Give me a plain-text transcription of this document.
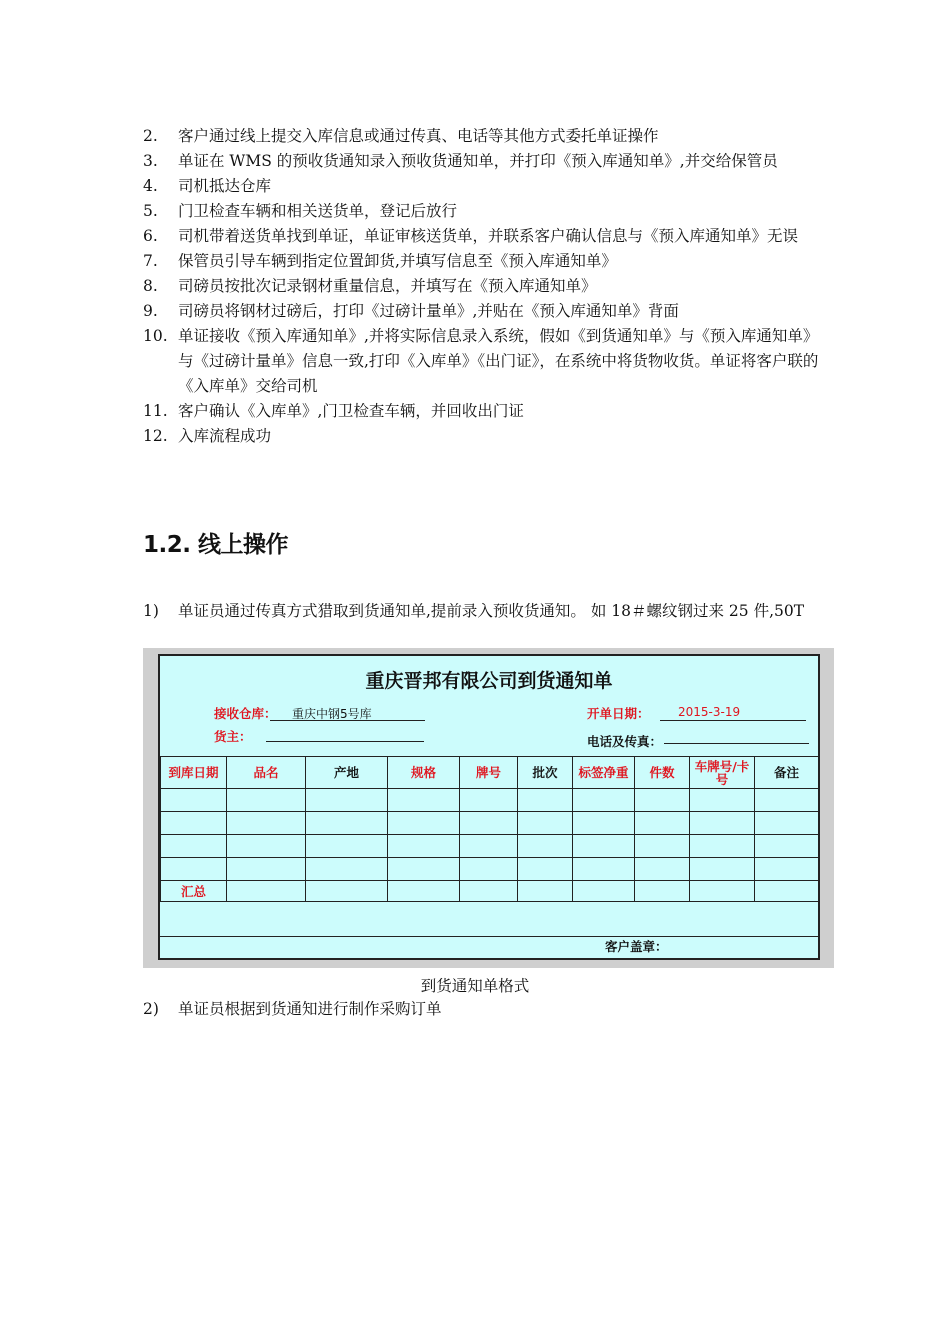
2.	客户通过线上提交入库信息或通过传真、电话等其他方式委托单证操作
3.	单证在 WMS 的预收货通知录入预收货通知单，并打印《预入库通知单》,并交给保管员
4.	司机抵达仓库
5.	门卫检查车辆和相关送货单，登记后放行
6.	司机带着送货单找到单证，单证审核送货单，并联系客户确认信息与《预入库通知单》无误
7.	保管员引导车辆到指定位置卸货,并填写信息至《预入库通知单》
8.	司磅员按批次记录钢材重量信息，并填写在《预入库通知单》
9.	司磅员将钢材过磅后，打印《过磅计量单》,并贴在《预入库通知单》背面
10. 单证接收《预入库通知单》,并将实际信息录入系统，假如《到货通知单》与《预入库通知单》与《过磅计量单》信息一致,打印《入库单》《出门证》，在系统中将货物收货。单证将客户联的《入库单》交给司机
11. 客户确认《入库单》,门卫检查车辆，并回收出门证
12. 入库流程成功
1.2. 线上操作
1)	单证员通过传真方式猎取到货通知单,提前录入预收货通知。 如 18＃螺纹钢过来 25 件,50T
重庆晋邦有限公司到货通知单
接收仓库： 重庆中钢5号库	开单日期： 2015-3-19
货主：	电话及传真：
到库日期	品名	产地	规格	牌号	批次	标签净重	件数	车牌号/卡号	备注

汇总									
客户盖章：
到货通知单格式
2)	单证员根据到货通知进行制作采购订单
